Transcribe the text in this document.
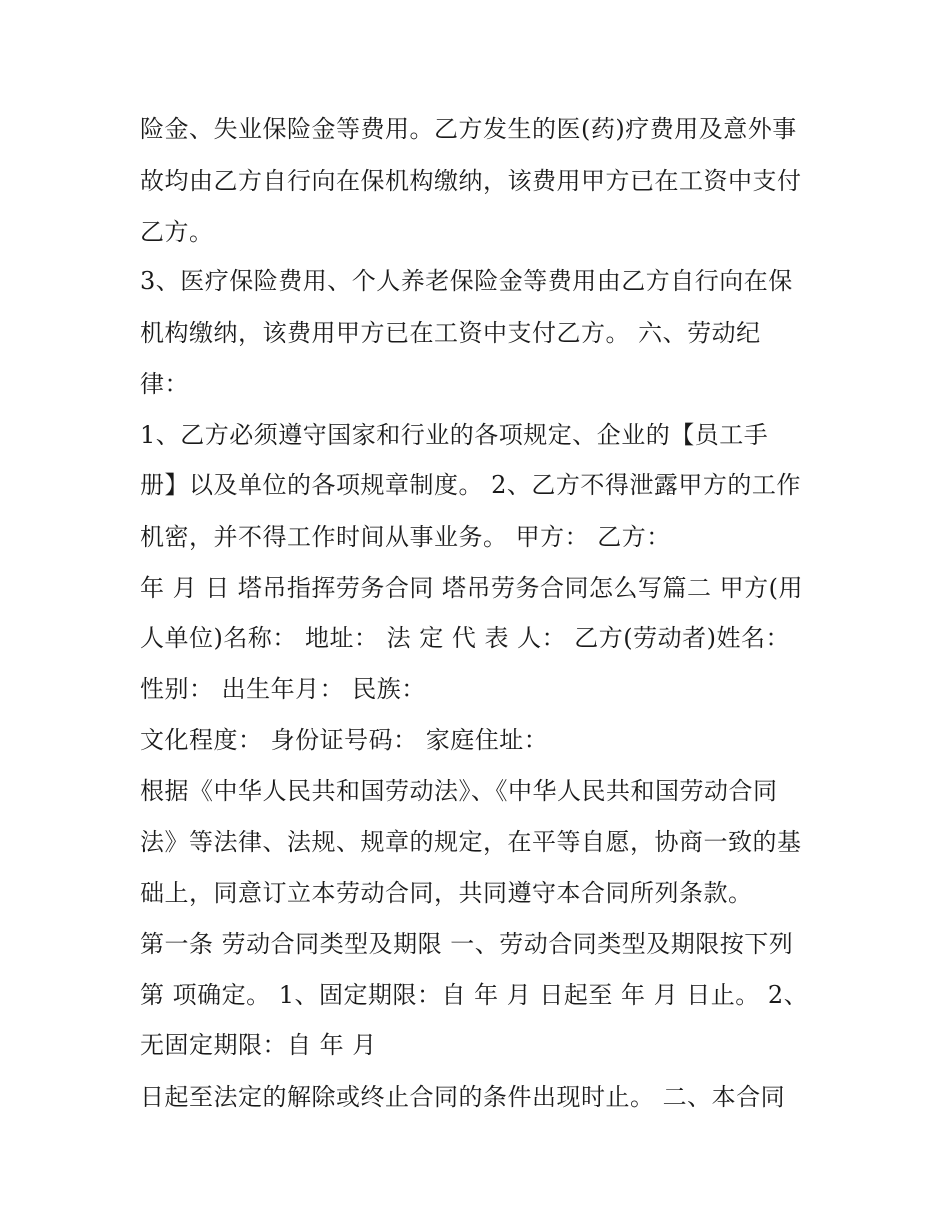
险金、失业保险金等费用。乙方发生的医(药)疗费用及意外事
故均由乙方自行向在保机构缴纳，该费用甲方已在工资中支付
乙方。
3、医疗保险费用、个人养老保险金等费用由乙方自行向在保
机构缴纳，该费用甲方已在工资中支付乙方。 六、劳动纪
律：
1、乙方必须遵守国家和行业的各项规定、企业的【员工手
册】以及单位的各项规章制度。 2、乙方不得泄露甲方的工作
机密，并不得工作时间从事业务。 甲方： 乙方：
年 月 日 塔吊指挥劳务合同 塔吊劳务合同怎么写篇二 甲方(用
人单位)名称： 地址： 法 定 代 表 人： 乙方(劳动者)姓名：
性别： 出生年月： 民族：
文化程度： 身份证号码： 家庭住址：
根据《中华人民共和国劳动法》、《中华人民共和国劳动合同
法》等法律、法规、规章的规定，在平等自愿，协商一致的基
础上，同意订立本劳动合同，共同遵守本合同所列条款。
第一条 劳动合同类型及期限 一、劳动合同类型及期限按下列
第 项确定。 1、固定期限：自 年 月 日起至 年 月 日止。 2、
无固定期限：自 年 月
日起至法定的解除或终止合同的条件出现时止。 二、本合同
